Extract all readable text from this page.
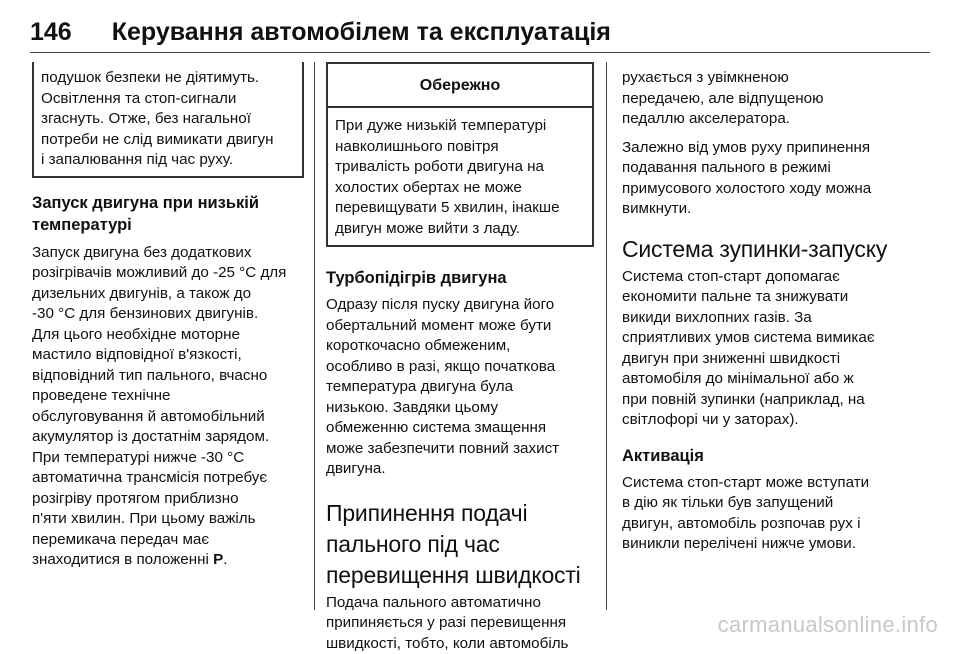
146 Керування автомобілем та експлуатація

подушок безпеки не діятимуть.

Освітлення та стоп-сигнали

згаснуть. Отже, без нагальної

потреби не слід вимикати двигун

і запалювання під час руху.

Запуск двигуна при низькій
температурі

Запуск двигуна без додаткових

розігрівачів можливий до -25 °С для

дизельних двигунів, а також до

-30 °С для бензинових двигунів.

Для цього необхідне моторне

мастило відповідної в'язкості,

відповідний тип пального, вчасно

проведене технічне

обслуговування й автомобільний

акумулятор із достатнім зарядом.

При температурі нижче -30 °С

автоматична трансмісія потребує

розігріву протягом приблизно

п'яти хвилин. При цьому важіль

перемикача передач має

знаходитися в положенні P.

Обережно

При дуже низькій температурі

навколишнього повітря

тривалість роботи двигуна на

холостих обертах не може

перевищувати 5 хвилин, інакше

двигун може вийти з ладу.

Турбопідігрів двигуна

Одразу після пуску двигуна його

обертальний момент може бути

короткочасно обмеженим,

особливо в разі, якщо початкова

температура двигуна була

низькою. Завдяки цьому

обмеженню система змащення

може забезпечити повний захист

двигуна.

Припинення подачі
пального під час
перевищення швидкості

Подача пального автоматично

припиняється у разі перевищення

швидкості, тобто, коли автомобіль

рухається з увімкненою

передачею, але відпущеною

педаллю акселератора.

Залежно від умов руху припинення

подавання пального в режимі

примусового холостого ходу можна

вимкнути.

Система зупинки-запуску

Система стоп-старт допомагає

економити пальне та знижувати

викиди вихлопних газів. За

сприятливих умов система вимикає

двигун при зниженні швидкості

автомобіля до мінімальної або ж

при повній зупинки (наприклад, на

світлофорі чи у заторах).

Активація

Система стоп-старт може вступати

в дію як тільки був запущений

двигун, автомобіль розпочав рух і

виникли перелічені нижче умови.

carmanualsonline.info
